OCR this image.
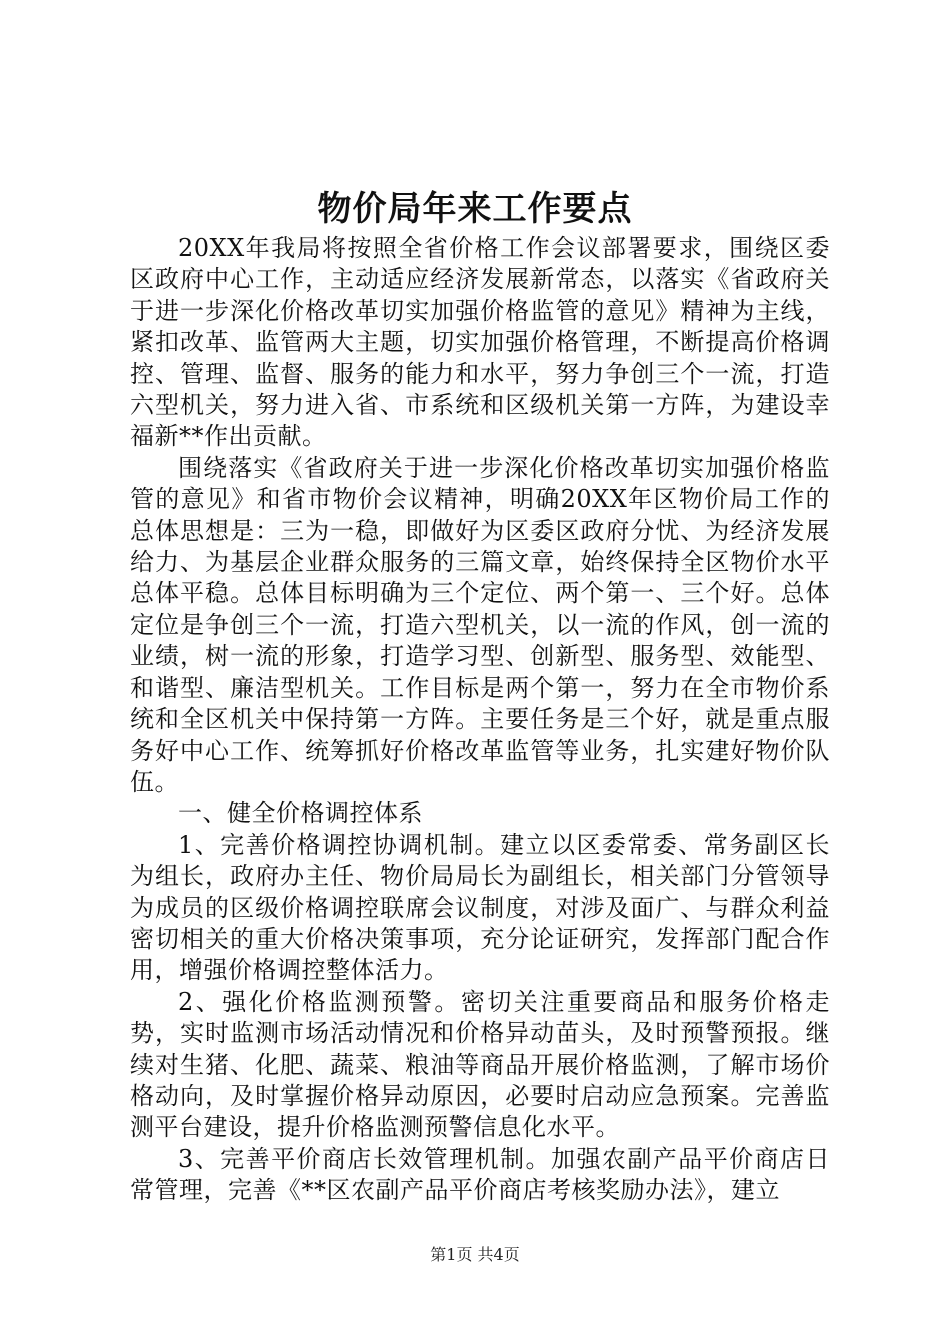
物价局年来工作要点

20XX年我局将按照全省价格工作会议部署要求，围绕区委区政府中心工作，主动适应经济发展新常态，以落实《省政府关于进一步深化价格改革切实加强价格监管的意见》精神为主线，紧扣改革、监管两大主题，切实加强价格管理，不断提高价格调控、管理、监督、服务的能力和水平，努力争创三个一流，打造六型机关，努力进入省、市系统和区级机关第一方阵，为建设幸福新**作出贡献。

围绕落实《省政府关于进一步深化价格改革切实加强价格监管的意见》和省市物价会议精神，明确20XX年区物价局工作的总体思想是：三为一稳，即做好为区委区政府分忧、为经济发展给力、为基层企业群众服务的三篇文章，始终保持全区物价水平总体平稳。总体目标明确为三个定位、两个第一、三个好。总体定位是争创三个一流，打造六型机关，以一流的作风，创一流的业绩，树一流的形象，打造学习型、创新型、服务型、效能型、和谐型、廉洁型机关。工作目标是两个第一，努力在全市物价系统和全区机关中保持第一方阵。主要任务是三个好，就是重点服务好中心工作、统筹抓好价格改革监管等业务，扎实建好物价队伍。

一、健全价格调控体系

1、完善价格调控协调机制。建立以区委常委、常务副区长为组长，政府办主任、物价局局长为副组长，相关部门分管领导为成员的区级价格调控联席会议制度，对涉及面广、与群众利益密切相关的重大价格决策事项，充分论证研究，发挥部门配合作用，增强价格调控整体活力。

2、强化价格监测预警。密切关注重要商品和服务价格走势，实时监测市场活动情况和价格异动苗头，及时预警预报。继续对生猪、化肥、蔬菜、粮油等商品开展价格监测，了解市场价格动向，及时掌握价格异动原因，必要时启动应急预案。完善监测平台建设，提升价格监测预警信息化水平。

3、完善平价商店长效管理机制。加强农副产品平价商店日常管理，完善《**区农副产品平价商店考核奖励办法》，建立

第1页 共4页
